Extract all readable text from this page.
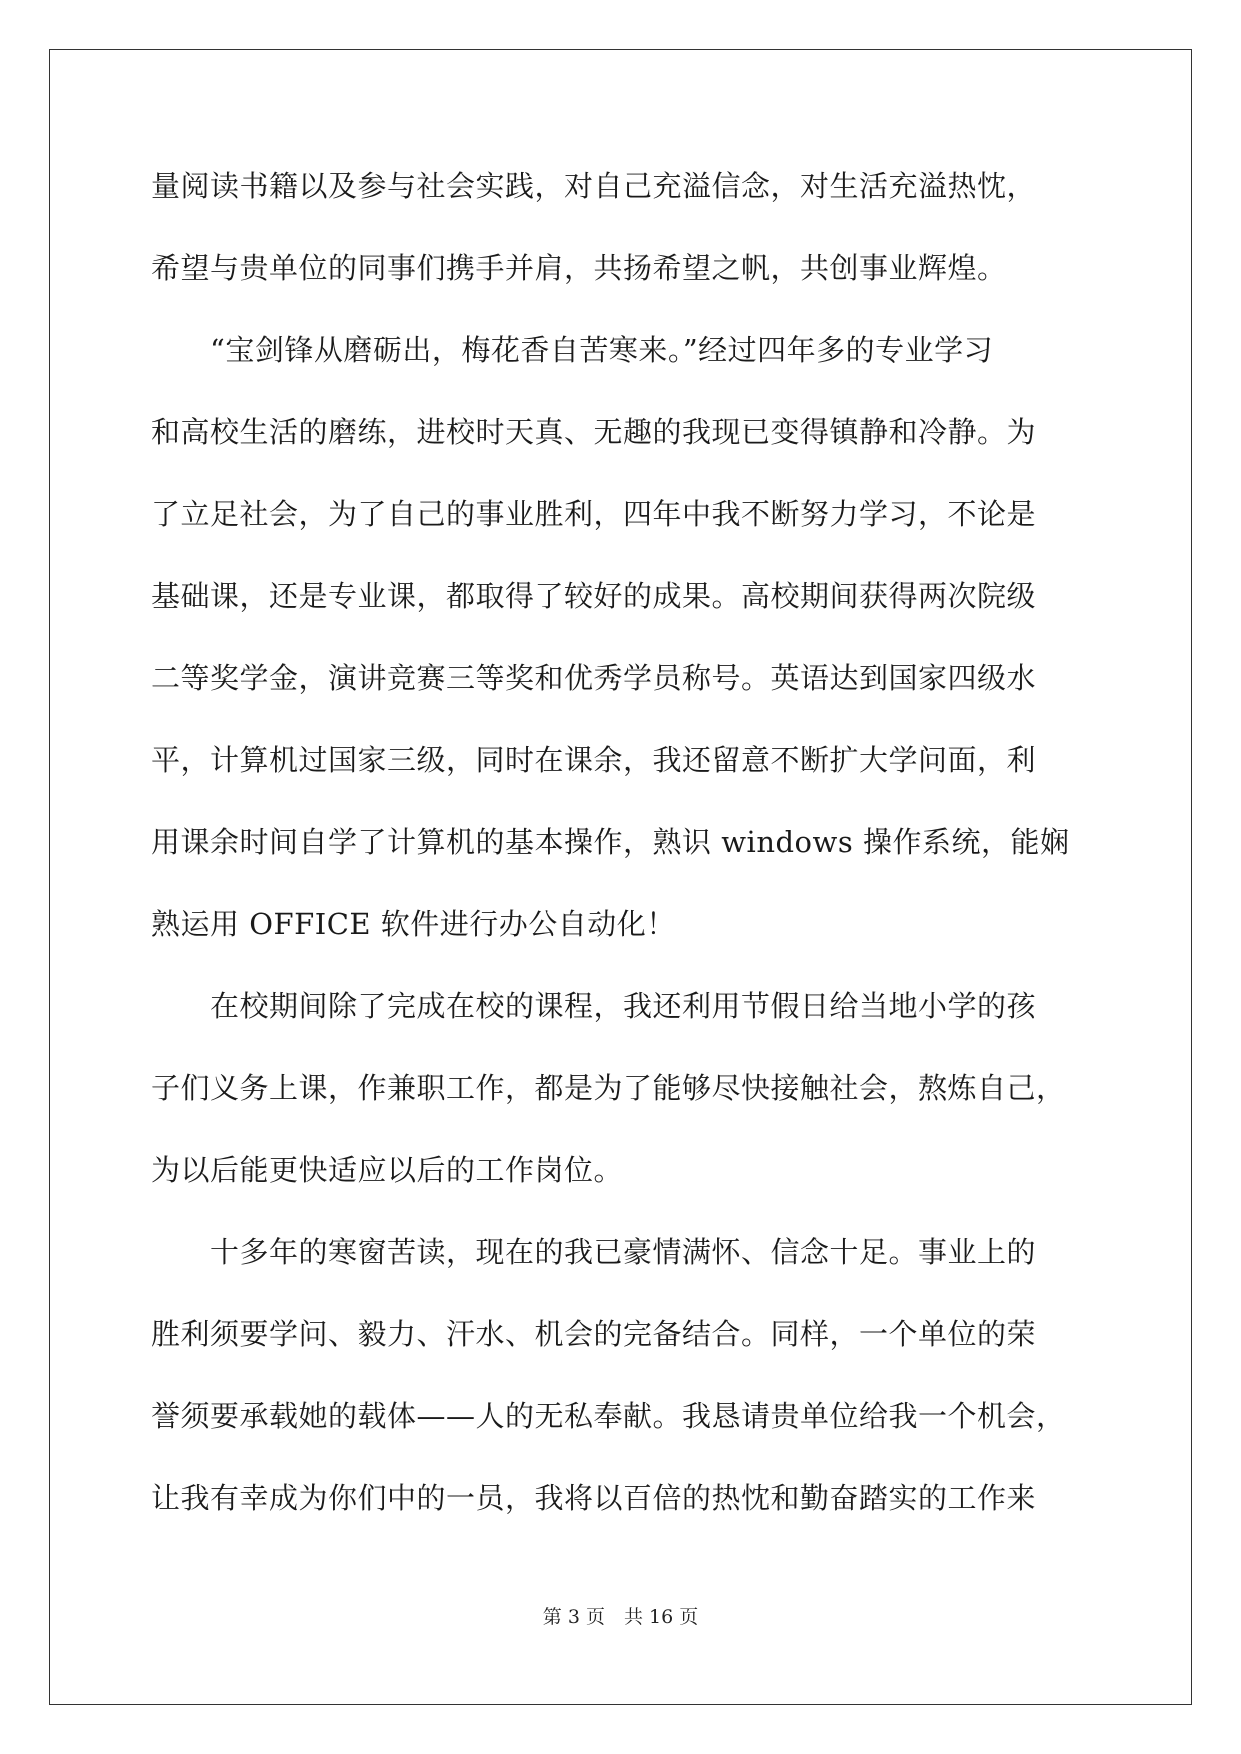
量阅读书籍以及参与社会实践，对自己充溢信念，对生活充溢热忱，
希望与贵单位的同事们携手并肩，共扬希望之帆，共创事业辉煌。
　　“宝剑锋从磨砺出，梅花香自苦寒来。”经过四年多的专业学习
和高校生活的磨练，进校时天真、无趣的我现已变得镇静和冷静。为
了立足社会，为了自己的事业胜利，四年中我不断努力学习，不论是
基础课，还是专业课，都取得了较好的成果。高校期间获得两次院级
二等奖学金，演讲竞赛三等奖和优秀学员称号。英语达到国家四级水
平，计算机过国家三级，同时在课余，我还留意不断扩大学问面，利
用课余时间自学了计算机的基本操作，熟识 windows 操作系统，能娴
熟运用 OFFICE 软件进行办公自动化！
　　在校期间除了完成在校的课程，我还利用节假日给当地小学的孩
子们义务上课，作兼职工作，都是为了能够尽快接触社会，熬炼自己，
为以后能更快适应以后的工作岗位。
　　十多年的寒窗苦读，现在的我已豪情满怀、信念十足。事业上的
胜利须要学问、毅力、汗水、机会的完备结合。同样，一个单位的荣
誉须要承载她的载体——人的无私奉献。我恳请贵单位给我一个机会，
让我有幸成为你们中的一员，我将以百倍的热忱和勤奋踏实的工作来
第 3 页　共 16 页
